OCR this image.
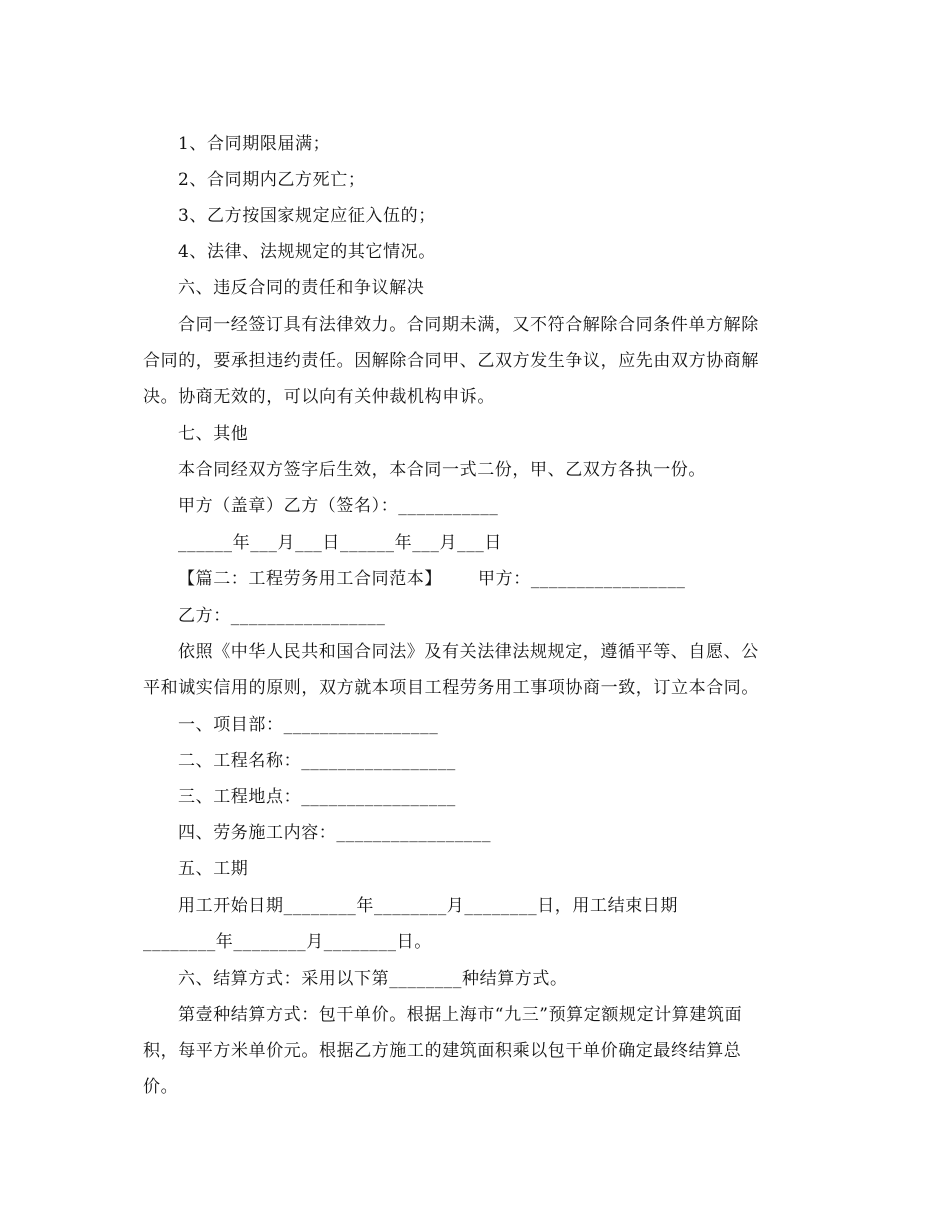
1、合同期限届满；
2、合同期内乙方死亡；
3、乙方按国家规定应征入伍的；
4、法律、法规规定的其它情况。
六、违反合同的责任和争议解决
合同一经签订具有法律效力。合同期未满，又不符合解除合同条件单方解除
合同的，要承担违约责任。因解除合同甲、乙双方发生争议，应先由双方协商解
决。协商无效的，可以向有关仲裁机构申诉。
七、其他
本合同经双方签字后生效，本合同一式二份，甲、乙双方各执一份。
甲方（盖章）乙方（签名）：___________
______年___月___日______年___月___日
【篇二：工程劳务用工合同范本】      甲方：_________________
乙方：_________________
依照《中华人民共和国合同法》及有关法律法规规定，遵循平等、自愿、公
平和诚实信用的原则，双方就本项目工程劳务用工事项协商一致，订立本合同。
一、项目部：_________________
二、工程名称：_________________
三、工程地点：_________________
四、劳务施工内容：_________________
五、工期
用工开始日期________年________月________日，用工结束日期
________年________月________日。
六、结算方式：采用以下第________种结算方式。
第壹种结算方式：包干单价。根据上海市“九三”预算定额规定计算建筑面
积，每平方米单价元。根据乙方施工的建筑面积乘以包干单价确定最终结算总
价。
